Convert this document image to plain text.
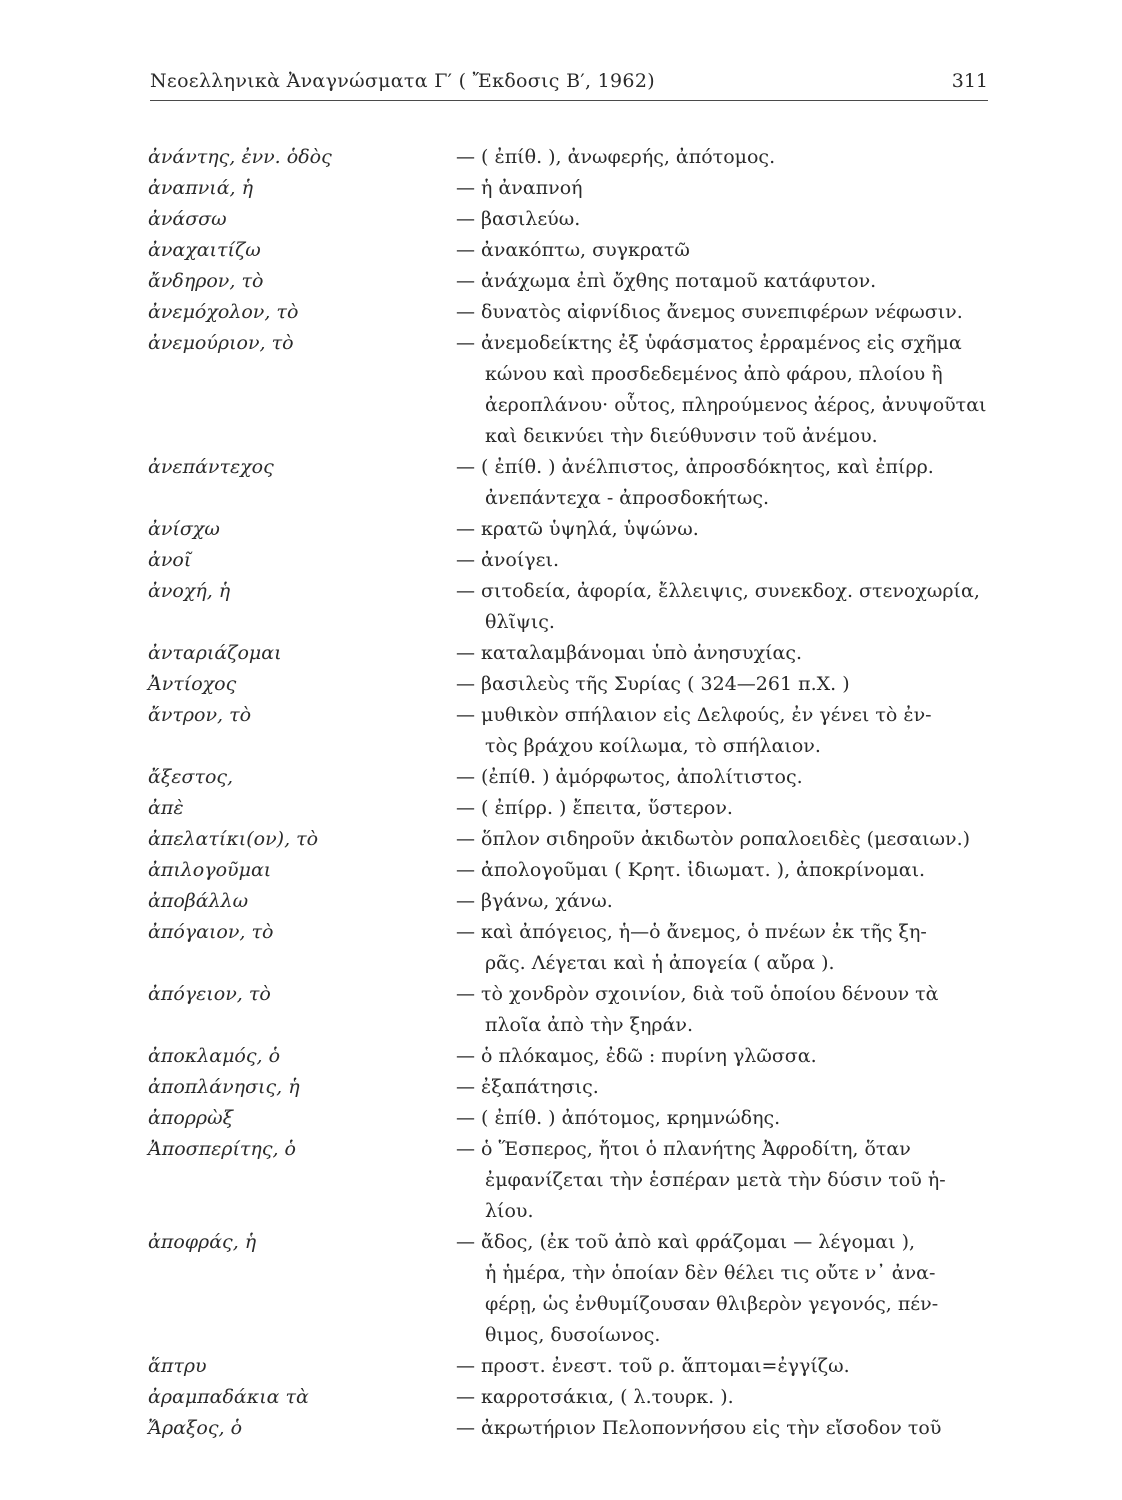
Νεοελληνικὰ Ἀναγνώσματα Γ′ ( Ἔκδοσις Β′, 1962)	311
ἀνάντης, ἐνν. ὁδὸς	— ( ἐπίθ. ), ἀνωφερής, ἀπότομος.
ἀναπνιά, ἡ	— ἡ ἀναπνοή
ἀνάσσω	— βασιλεύω.
ἀναχαιτίζω	— ἀνακόπτω, συγκρατῶ
ἄνδηρον, τὸ	— ἀνάχωμα ἐπὶ ὄχθης ποταμοῦ κατάφυτον.
ἀνεμόχολον, τὸ	— δυνατὸς αἰφνίδιος ἄνεμος συνεπιφέρων νέφωσιν.
ἀνεμούριον, τὸ	— ἀνεμοδείκτης ἐξ ὑφάσματος ἐρραμένος εἰς σχῆμα
κώνου καὶ προσδεδεμένος ἀπὸ φάρου, πλοίου ἢ
ἀεροπλάνου· οὗτος, πληρούμενος ἀέρος, ἀνυψοῦται
καὶ δεικνύει τὴν διεύθυνσιν τοῦ ἀνέμου.
ἀνεπάντεχος	— ( ἐπίθ. ) ἀνέλπιστος, ἀπροσδόκητος, καὶ ἐπίρρ.
ἀνεπάντεχα - ἀπροσδοκήτως.
ἀνίσχω	— κρατῶ ὑψηλά, ὑψώνω.
ἀνοῖ	— ἀνοίγει.
ἀνοχή, ἡ	— σιτοδεία, ἀφορία, ἔλλειψις, συνεκδοχ. στενοχωρία,
θλῖψις.
ἀνταριάζομαι	— καταλαμβάνομαι ὑπὸ ἀνησυχίας.
Ἀντίοχος	— βασιλεὺς τῆς Συρίας ( 324—261 π.Χ. )
ἄντρον, τὸ	— μυθικὸν σπήλαιον εἰς Δελφούς, ἐν γένει τὸ ἐν-
τὸς βράχου κοίλωμα, τὸ σπήλαιον.
ἄξεστος,	— (ἐπίθ. ) ἀμόρφωτος, ἀπολίτιστος.
ἀπὲ	— ( ἐπίρρ. ) ἔπειτα, ὕστερον.
ἀπελατίκι(ον), τὸ	— ὅπλον σιδηροῦν ἀκιδωτὸν ροπαλοειδὲς (μεσαιων.)
ἀπιλογοῦμαι	— ἀπολογοῦμαι ( Κρητ. ἰδιωματ. ), ἀποκρίνομαι.
ἀποβάλλω	— βγάνω, χάνω.
ἀπόγαιον, τὸ	— καὶ ἀπόγειος, ἡ—ὁ ἄνεμος, ὁ πνέων ἐκ τῆς ξη-
ρᾶς. Λέγεται καὶ ἡ ἀπογεία ( αὔρα ).
ἀπόγειον, τὸ	— τὸ χονδρὸν σχοινίον, διὰ τοῦ ὁποίου δένουν τὰ
πλοῖα ἀπὸ τὴν ξηράν.
ἀποκλαμός, ὁ	— ὁ πλόκαμος, ἐδῶ : πυρίνη γλῶσσα.
ἀποπλάνησις, ἡ	— ἐξαπάτησις.
ἀπορρὼξ	— ( ἐπίθ. ) ἀπότομος, κρημνώδης.
Ἀποσπερίτης, ὁ	— ὁ Ἕσπερος, ἤτοι ὁ πλανήτης Ἀφροδίτη, ὅταν
ἐμφανίζεται τὴν ἑσπέραν μετὰ τὴν δύσιν τοῦ ἡ-
λίου.
ἀποφράς, ἡ	— ἄδος, (ἐκ τοῦ ἀπὸ καὶ φράζομαι — λέγομαι ),
ἡ ἡμέρα, τὴν ὁποίαν δὲν θέλει τις οὔτε ν᾽ ἀνα-
φέρῃ, ὡς ἐνθυμίζουσαν θλιβερὸν γεγονός, πέν-
θιμος, δυσοίωνος.
ἅπτρυ	— προστ. ἐνεστ. τοῦ ρ. ἅπτομαι=ἐγγίζω.
ἀραμπαδάκια τὰ	— καρροτσάκια, ( λ.τουρκ. ).
Ἄραξος, ὁ	— ἀκρωτήριον Πελοποννήσου εἰς τὴν εἴσοδον τοῦ
